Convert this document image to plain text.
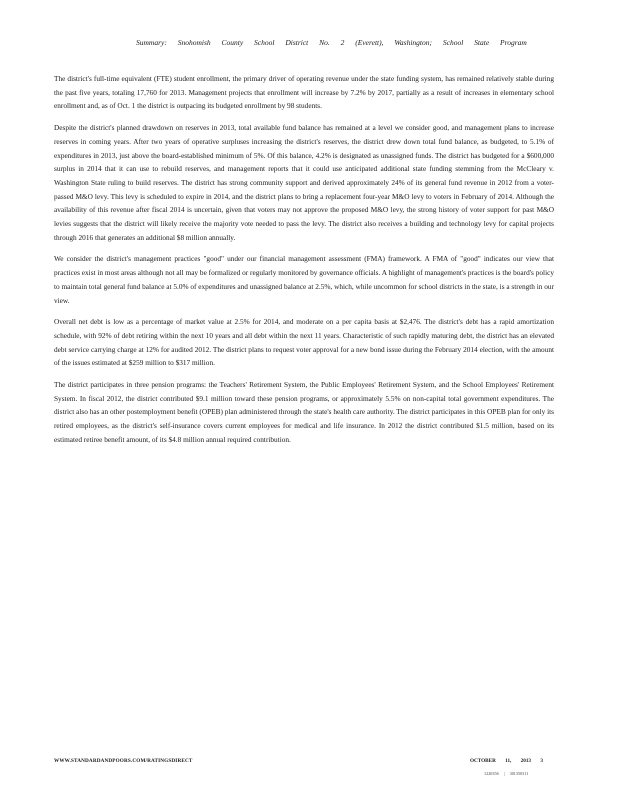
Summary: Snohomish County School District No. 2 (Everett), Washington; School State Program

The district's full-time equivalent (FTE) student enrollment, the primary driver of operating revenue under the state funding system, has remained relatively stable during the past five years, totaling 17,760 for 2013. Management projects that enrollment will increase by 7.2% by 2017, partially as a result of increases in elementary school enrollment and, as of Oct. 1 the district is outpacing its budgeted enrollment by 98 students.

Despite the district's planned drawdown on reserves in 2013, total available fund balance has remained at a level we consider good, and management plans to increase reserves in coming years. After two years of operative surpluses increasing the district's reserves, the district drew down total fund balance, as budgeted, to 5.1% of expenditures in 2013, just above the board-established minimum of 5%. Of this balance, 4.2% is designated as unassigned funds. The district has budgeted for a $600,000 surplus in 2014 that it can use to rebuild reserves, and management reports that it could use anticipated additional state funding stemming from the McCleary v. Washington State ruling to build reserves. The district has strong community support and derived approximately 24% of its general fund revenue in 2012 from a voter-passed M&O levy. This levy is scheduled to expire in 2014, and the district plans to bring a replacement four-year M&O levy to voters in February of 2014. Although the availability of this revenue after fiscal 2014 is uncertain, given that voters may not approve the proposed M&O levy, the strong history of voter support for past M&O levies suggests that the district will likely receive the majority vote needed to pass the levy. The district also receives a building and technology levy for capital projects through 2016 that generates an additional $8 million annually.

We consider the district's management practices "good" under our financial management assessment (FMA) framework. A FMA of "good" indicates our view that practices exist in most areas although not all may be formalized or regularly monitored by governance officials. A highlight of management's practices is the board's policy to maintain total general fund balance at 5.0% of expenditures and unassigned balance at 2.5%, which, while uncommon for school districts in the state, is a strength in our view.

Overall net debt is low as a percentage of market value at 2.5% for 2014, and moderate on a per capita basis at $2,476. The district's debt has a rapid amortization schedule, with 92% of debt retiring within the next 10 years and all debt within the next 11 years. Characteristic of such rapidly maturing debt, the district has an elevated debt service carrying charge at 12% for audited 2012. The district plans to request voter approval for a new bond issue during the February 2014 election, with the amount of the issues estimated at $259 million to $317 million.

The district participates in three pension programs: the Teachers' Retirement System, the Public Employees' Retirement System, and the School Employees' Retirement System. In fiscal 2012, the district contributed $9.1 million toward these pension programs, or approximately 5.5% on non-capital total government expenditures. The district also has an other postemployment benefit (OPEB) plan administered through the state's health care authority. The district participates in this OPEB plan for only its retired employees, as the district's self-insurance covers current employees for medical and life insurance. In 2012 the district contributed $1.5 million, based on its estimated retiree benefit amount, of its $4.8 million annual required contribution.

WWW.STANDARDANDPOORS.COM/RATINGSDIRECT	OCTOBER 11, 2013 3
1220356 | 301350311
